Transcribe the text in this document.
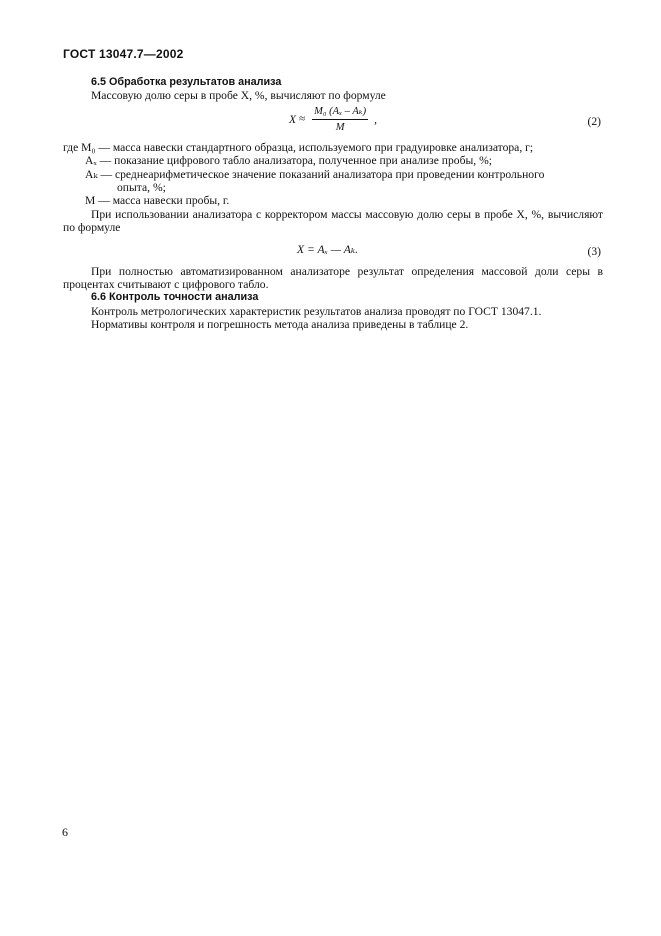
ГОСТ 13047.7—2002

6.5 Обработка результатов анализа

Массовую долю серы в пробе X, %, вычисляют по формуле

$X \approx \frac{\text{M₀ (Aₓ – Aₖ)}}{M}$ ,	(2)

где M₀ — масса навески стандартного образца, используемого при градуировке анализатора, г;

Aₓ — показание цифрового табло анализатора, полученное при анализе пробы, %;

Aₖ — среднеарифметическое значение показаний анализатора при проведении контрольного

опыта, %;

M — масса навески пробы, г.

При использовании анализатора с корректором массы массовую долю серы в пробе X, %, вычисляют по формуле

X = Aₓ — Aₖ.	(3)

При полностью автоматизированном анализаторе результат определения массовой доли серы в процентах считывают с цифрового табло.

6.6 Контроль точности анализа

Контроль метрологических характеристик результатов анализа проводят по ГОСТ 13047.1.

Нормативы контроля и погрешность метода анализа приведены в таблице 2.

6
